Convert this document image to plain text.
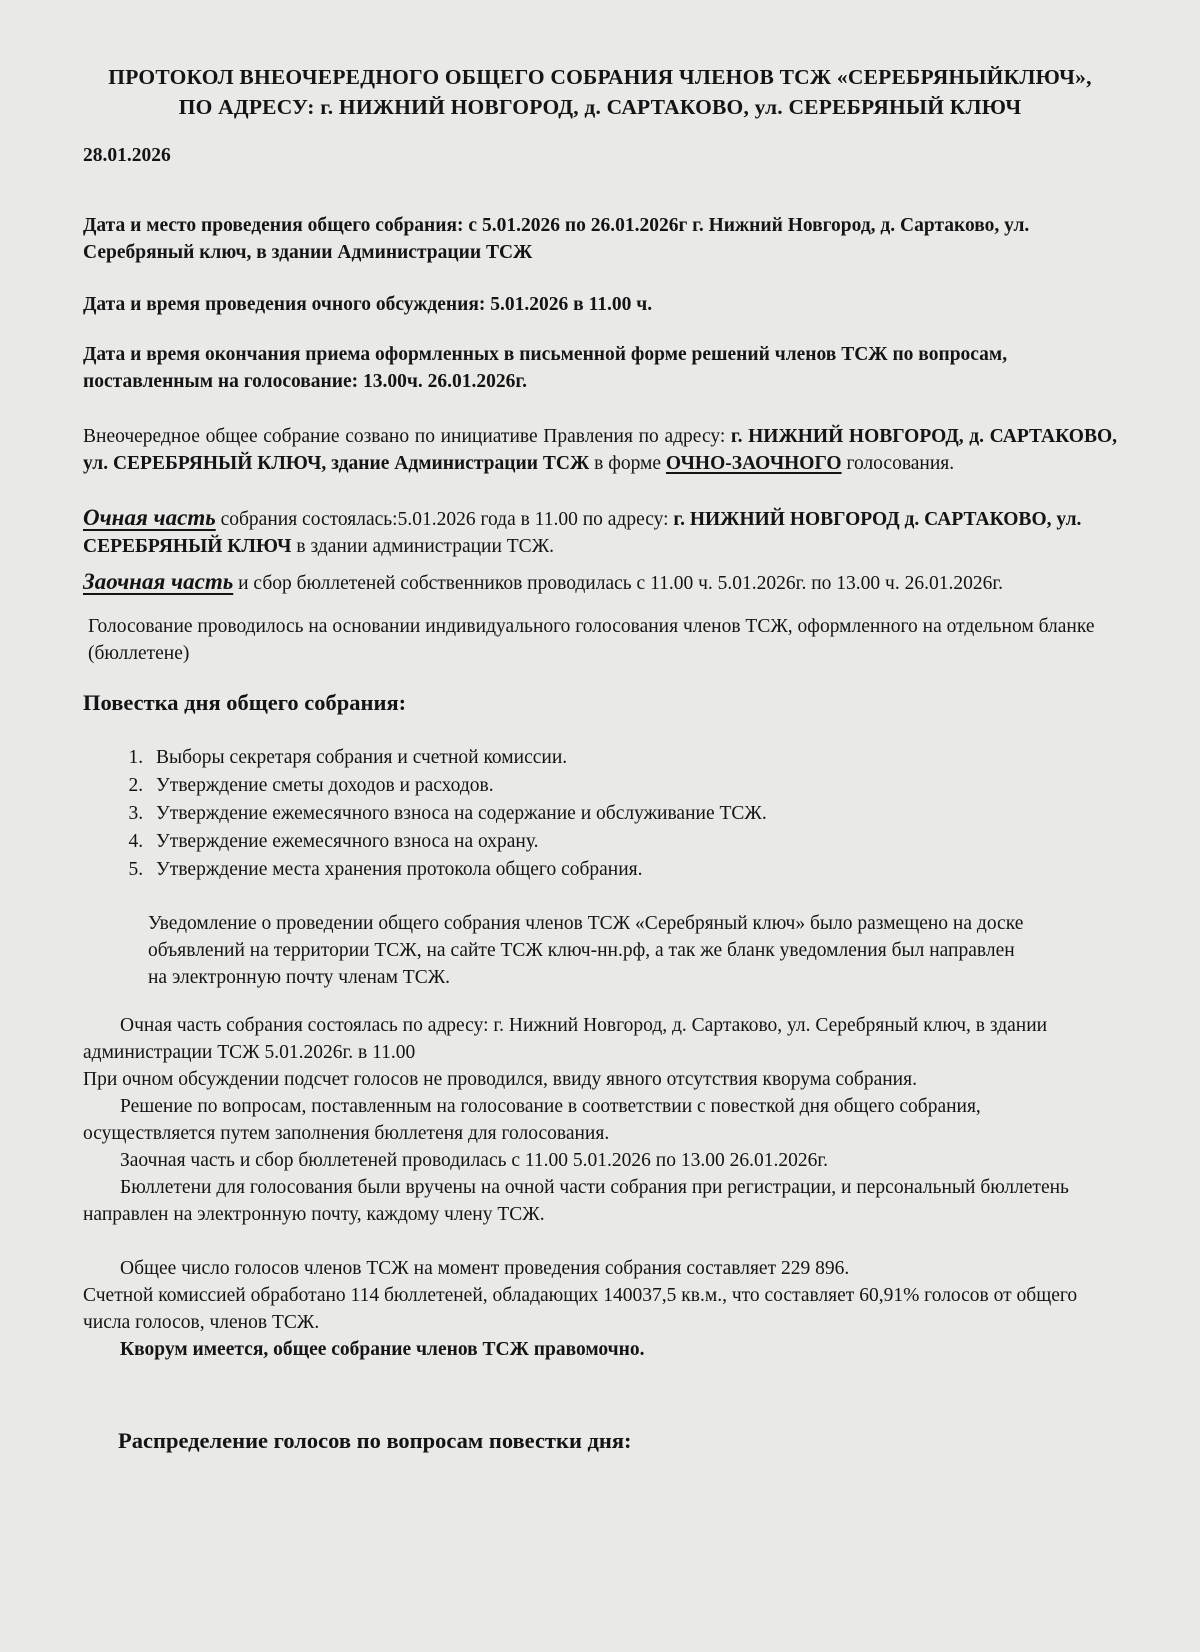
ПРОТОКОЛ ВНЕОЧЕРЕДНОГО ОБЩЕГО СОБРАНИЯ ЧЛЕНОВ ТСЖ «СЕРЕБРЯНЫЙКЛЮЧ», ПО АДРЕСУ: г. НИЖНИЙ НОВГОРОД, д. САРТАКОВО, ул. СЕРЕБРЯНЫЙ КЛЮЧ

28.01.2026

Дата и место проведения общего собрания: с 5.01.2026 по 26.01.2026г г. Нижний Новгород, д. Сартаково, ул. Серебряный ключ, в здании Администрации ТСЖ

Дата и время проведения очного обсуждения: 5.01.2026 в 11.00 ч.

Дата и время окончания приема оформленных в письменной форме решений членов ТСЖ по вопросам, поставленным на голосование: 13.00ч. 26.01.2026г.

Внеочередное общее собрание созвано по инициативе Правления по адресу: г. НИЖНИЙ НОВГОРОД, д. САРТАКОВО, ул. СЕРЕБРЯНЫЙ КЛЮЧ, здание Администрации ТСЖ в форме ОЧНО-ЗАОЧНОГО голосования.

Очная часть собрания состоялась:5.01.2026 года в 11.00 по адресу: г. НИЖНИЙ НОВГОРОД д. САРТАКОВО, ул. СЕРЕБРЯНЫЙ КЛЮЧ в здании администрации ТСЖ.

Заочная часть и сбор бюллетеней собственников проводилась с 11.00 ч. 5.01.2026г. по 13.00 ч. 26.01.2026г.

Голосование проводилось на основании индивидуального голосования членов ТСЖ, оформленного на отдельном бланке (бюллетене)

Повестка дня общего собрания:
1. Выборы секретаря собрания и счетной комиссии.
2. Утверждение сметы доходов и расходов.
3. Утверждение ежемесячного взноса на содержание и обслуживание ТСЖ.
4. Утверждение ежемесячного взноса на охрану.
5. Утверждение места хранения протокола общего собрания.

Уведомление о проведении общего собрания членов ТСЖ «Серебряный ключ» было размещено на доске объявлений на территории ТСЖ, на сайте ТСЖ ключ-нн.рф, а так же бланк уведомления был направлен на электронную почту членам ТСЖ.

Очная часть собрания состоялась по адресу: г. Нижний Новгород, д. Сартаково, ул. Серебряный ключ, в здании администрации ТСЖ 5.01.2026г. в 11.00

При очном обсуждении подсчет голосов не проводился, ввиду явного отсутствия кворума собрания.

Решение по вопросам, поставленным на голосование в соответствии с повесткой дня общего собрания, осуществляется путем заполнения бюллетеня для голосования.

Заочная часть и сбор бюллетеней проводилась с 11.00 5.01.2026 по 13.00 26.01.2026г.

Бюллетени для голосования были вручены на очной части собрания при регистрации, и персональный бюллетень направлен на электронную почту, каждому члену ТСЖ.

Общее число голосов членов ТСЖ на момент проведения собрания составляет 229 896.

Счетной комиссией обработано 114 бюллетеней, обладающих 140037,5 кв.м., что составляет 60,91% голосов от общего числа голосов, членов ТСЖ.

Кворум имеется, общее собрание членов ТСЖ правомочно.

Распределение голосов по вопросам повестки дня:
